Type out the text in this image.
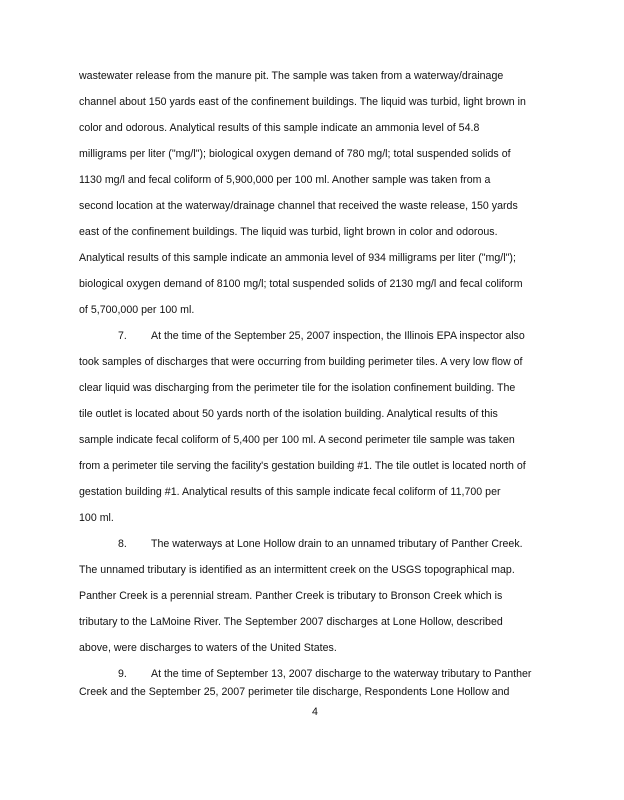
wastewater release from the manure pit. The sample was taken from a waterway/drainage
channel about 150 yards east of the confinement buildings. The liquid was turbid, light brown in
color and odorous. Analytical results of this sample indicate an ammonia level of 54.8
milligrams per liter ("mg/l"); biological oxygen demand of 780 mg/l; total suspended solids of
1130 mg/l and fecal coliform of 5,900,000 per 100 ml. Another sample was taken from a
second location at the waterway/drainage channel that received the waste release, 150 yards
east of the confinement buildings. The liquid was turbid, light brown in color and odorous.
Analytical results of this sample indicate an ammonia level of 934 milligrams per liter ("mg/l");
biological oxygen demand of 8100 mg/l; total suspended solids of 2130 mg/l and fecal coliform
of 5,700,000 per 100 ml.
7. At the time of the September 25, 2007 inspection, the Illinois EPA inspector also
took samples of discharges that were occurring from building perimeter tiles. A very low flow of
clear liquid was discharging from the perimeter tile for the isolation confinement building. The
tile outlet is located about 50 yards north of the isolation building. Analytical results of this
sample indicate fecal coliform of 5,400 per 100 ml. A second perimeter tile sample was taken
from a perimeter tile serving the facility's gestation building #1. The tile outlet is located north of
gestation building #1. Analytical results of this sample indicate fecal coliform of 11,700 per
100 ml.
8. The waterways at Lone Hollow drain to an unnamed tributary of Panther Creek.
The unnamed tributary is identified as an intermittent creek on the USGS topographical map.
Panther Creek is a perennial stream. Panther Creek is tributary to Bronson Creek which is
tributary to the LaMoine River. The September 2007 discharges at Lone Hollow, described
above, were discharges to waters of the United States.
9. At the time of September 13, 2007 discharge to the waterway tributary to Panther
Creek and the September 25, 2007 perimeter tile discharge, Respondents Lone Hollow and
4
